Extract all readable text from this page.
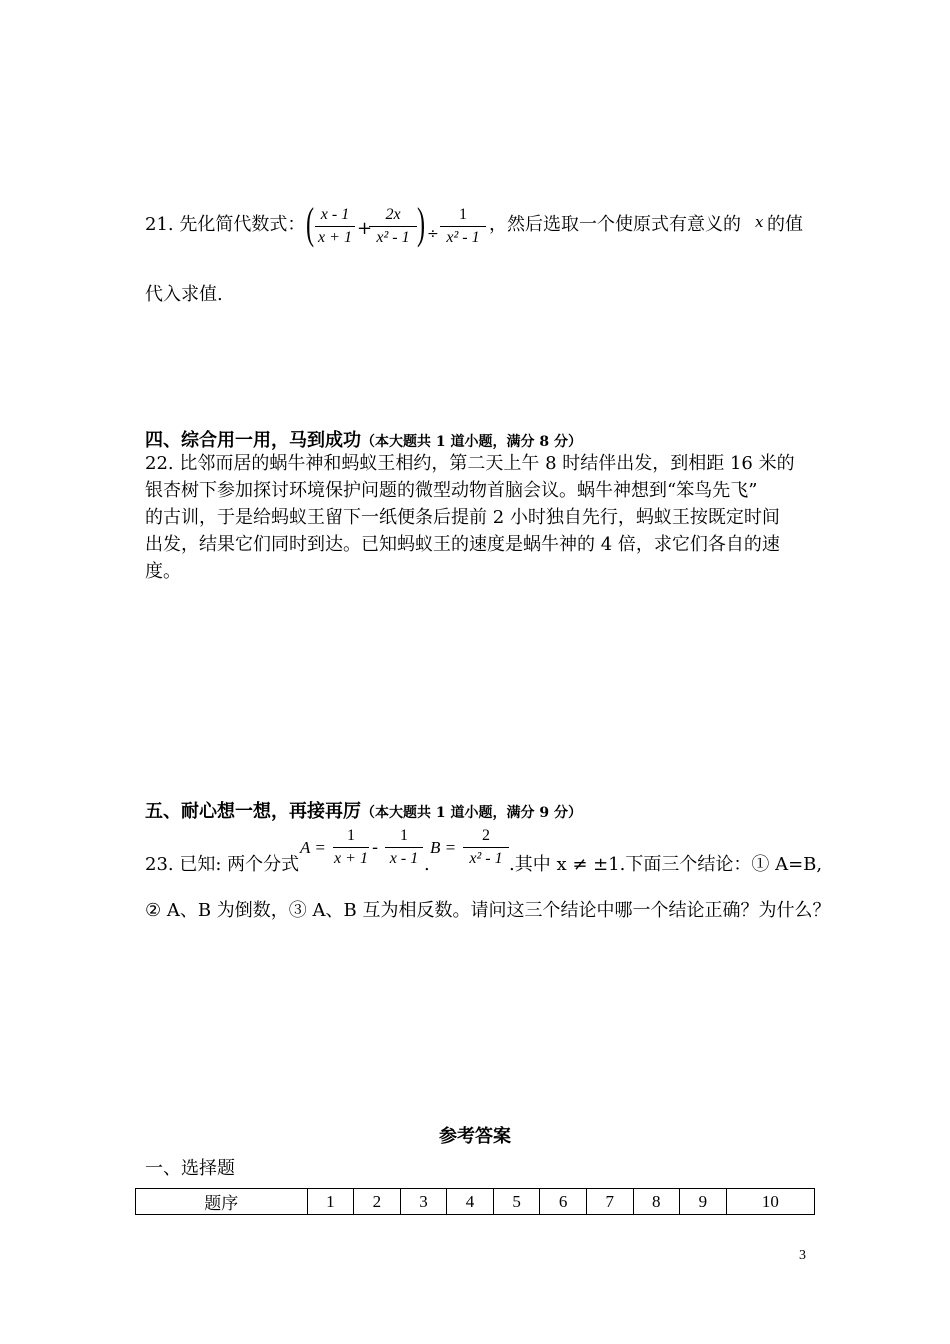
21. 先化简代数式： ( x - 1
x + 1 +
2x
x² - 1 ) ÷
1
x² - 1
，然后选取一个使原式有意义的 x 的值
代入求值.
四、综合用一用，马到成功（本大题共 1 道小题，满分 8 分）
22. 比邻而居的蜗牛神和蚂蚁王相约，第二天上午 8 时结伴出发，到相距 16 米的
银杏树下参加探讨环境保护问题的微型动物首脑会议。蜗牛神想到“笨鸟先飞”
的古训，于是给蚂蚁王留下一纸便条后提前 2 小时独自先行，蚂蚁王按既定时间
出发，结果它们同时到达。已知蚂蚁王的速度是蜗牛神的 4 倍，求它们各自的速
度。
五、耐心想一想，再接再厉（本大题共 1 道小题，满分 9 分）
23. 已知: 两个分式
A =
1
x + 1
-
1
x - 1 .
B =
2
x² - 1 .其中 x ≠ ±1.下面三个结论：① A=B,
② A、B 为倒数，③ A、B 互为相反数。请问这三个结论中哪一个结论正确？为什么？
参考答案
一、选择题
题序	1	2	3	4	5	6	7	8	9	10
3
